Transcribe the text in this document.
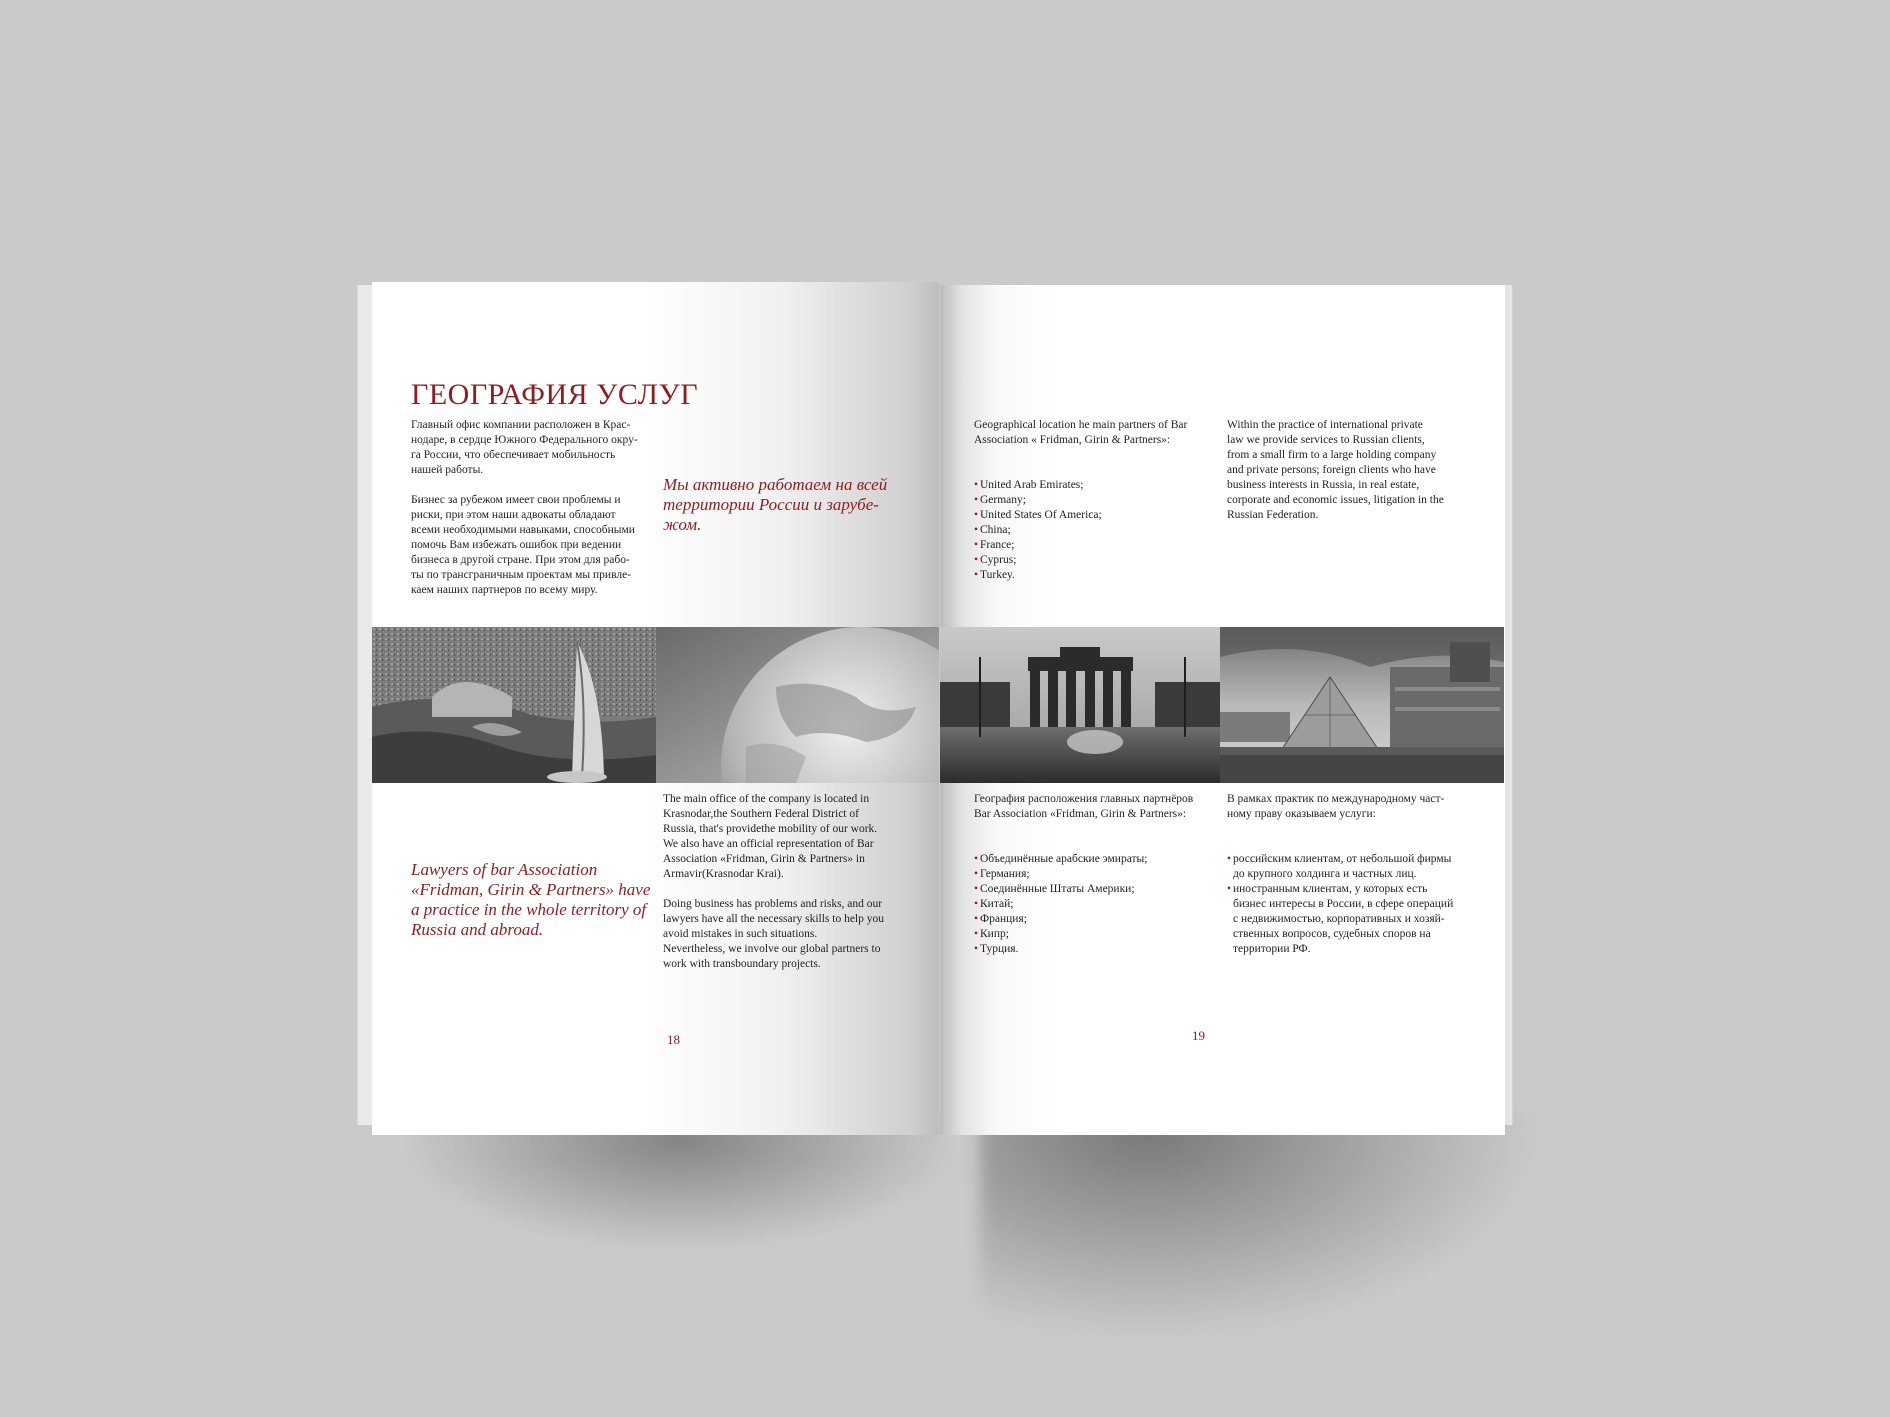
ГЕОГРАФИЯ УСЛУГ

Главный офис компании расположен в Крас-
нодаре, в сердце Южного Федерального окру-
га России, что обеспечивает мобильность
нашей работы.

Бизнес за рубежом имеет свои проблемы и
риски, при этом наши адвокаты обладают
всеми необходимыми навыками, способными
помочь Вам избежать ошибок при ведении
бизнеса в другой стране. При этом для рабо-
ты по трансграничным проектам мы привле-
каем наших партнеров по всему миру.

Мы активно работаем на всей
территории России и зарубе-
жом.

Lawyers of bar Association
«Fridman, Girin & Partners» have
a practice in the whole territory of
Russia and abroad.

The main office of the company is located in
Krasnodar,the Southern Federal District of
Russia, that's providethe mobility of our work.
We also have an official representation of Bar
Association «Fridman, Girin & Partners» in
Armavir(Krasnodar Krai).

Doing business has problems and risks, and our
lawyers have all the necessary skills to help you
avoid mistakes in such situations.
Nevertheless, we involve our global partners to
work with transboundary projects.

18

Geographical location he main partners of Bar
Association « Fridman, Girin & Partners»:

• United Arab Emirates;
• Germany;
• United States Of America;
• China;
• France;
• Cyprus;
• Turkey.

Within the practice of international private
law we provide services to Russian clients,
from a small firm to a large holding company
and private persons; foreign clients who have
business interests in Russia, in real estate,
corporate and economic issues, litigation in the
Russian Federation.

География расположения главных партнёров
Bar Association «Fridman, Girin & Partners»:

• Объединённые арабские эмираты;
• Германия;
• Соединённые Штаты Америки;
• Китай;
• Франция;
• Кипр;
• Турция.

В рамках практик по международному част-
ному праву оказываем услуги:

• российским клиентам, от небольшой фирмы
до крупного холдинга и частных лиц.
• иностранным клиентам, у которых есть
бизнес интересы в России, в сфере операций
с недвижимостью, корпоративных и хозяй-
ственных вопросов, судебных споров на
территории РФ.

19
